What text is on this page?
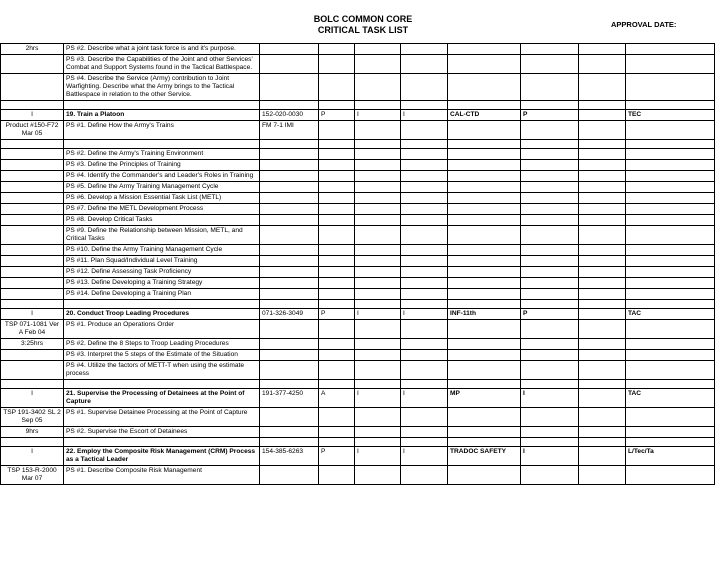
BOLC COMMON CORE
CRITICAL TASK LIST
APPROVAL DATE:
2hrs	PS #2. Describe what a joint task force is and it's purpose.								
	PS #3. Describe the Capabilities of the Joint and other Services' Combat and Support Systems found in the Tactical Battlespace.								
	PS #4. Describe the Service (Army) contribution to Joint Warfighting. Describe what the Army brings to the Tactical Battlespace in relation to the other Service.								

I	19. Train a Platoon	152-020-0030	P	I	I	CAL-CTD	P		TEC
Product #150-F72 Mar 05	PS #1. Define How the Army's Trains	FM 7-1 IMI							

	PS #2. Define the Army's Training Environment								
	PS #3. Define the Principles of Training								
	PS #4. Identify the Commander's and Leader's Roles in Training								
	PS #5. Define the Army Training Management Cycle								
	PS #6. Develop a Mission Essential Task List (METL)								
	PS #7. Define the METL Development Process								
	PS #8. Develop Critical Tasks								
	PS #9. Define the Relationship between Mission, METL, and Critical Tasks								
	PS #10. Define the Army Training Management Cycle								
	PS #11. Plan Squad/Individual Level Training								
	PS #12. Define Assessing Task Proficiency								
	PS #13. Define Developing a Training Strategy								
	PS #14. Define Developing a Training Plan								

I	20. Conduct Troop Leading Procedures	071-326-3049	P	I	I	INF-11th	P		TAC
TSP 071-1081 Ver A Feb 04	PS #1. Produce an Operations Order								
3:25hrs	PS #2. Define the 8 Steps to Troop Leading Procedures								
	PS #3. Interpret the 5 steps of the Estimate of the Situation								
	PS #4. Utilize the factors of METT-T when using the estimate process								

I	21. Supervise the Processing of Detainees at the Point of Capture	191-377-4250	A	I	I	MP	I		TAC
TSP 191-3402 SL 2 Sep 05	PS #1. Supervise Detainee Processing at the Point of Capture								
9hrs	PS #2. Supervise the Escort of Detainees								

I	22. Employ the Composite Risk Management (CRM) Process as a Tactical Leader	154-385-6263	P	I	I	TRADOC SAFETY	I		L/Tec/Ta
TSP 153-R-2000 Mar 07	PS #1. Describe Composite Risk Management								
